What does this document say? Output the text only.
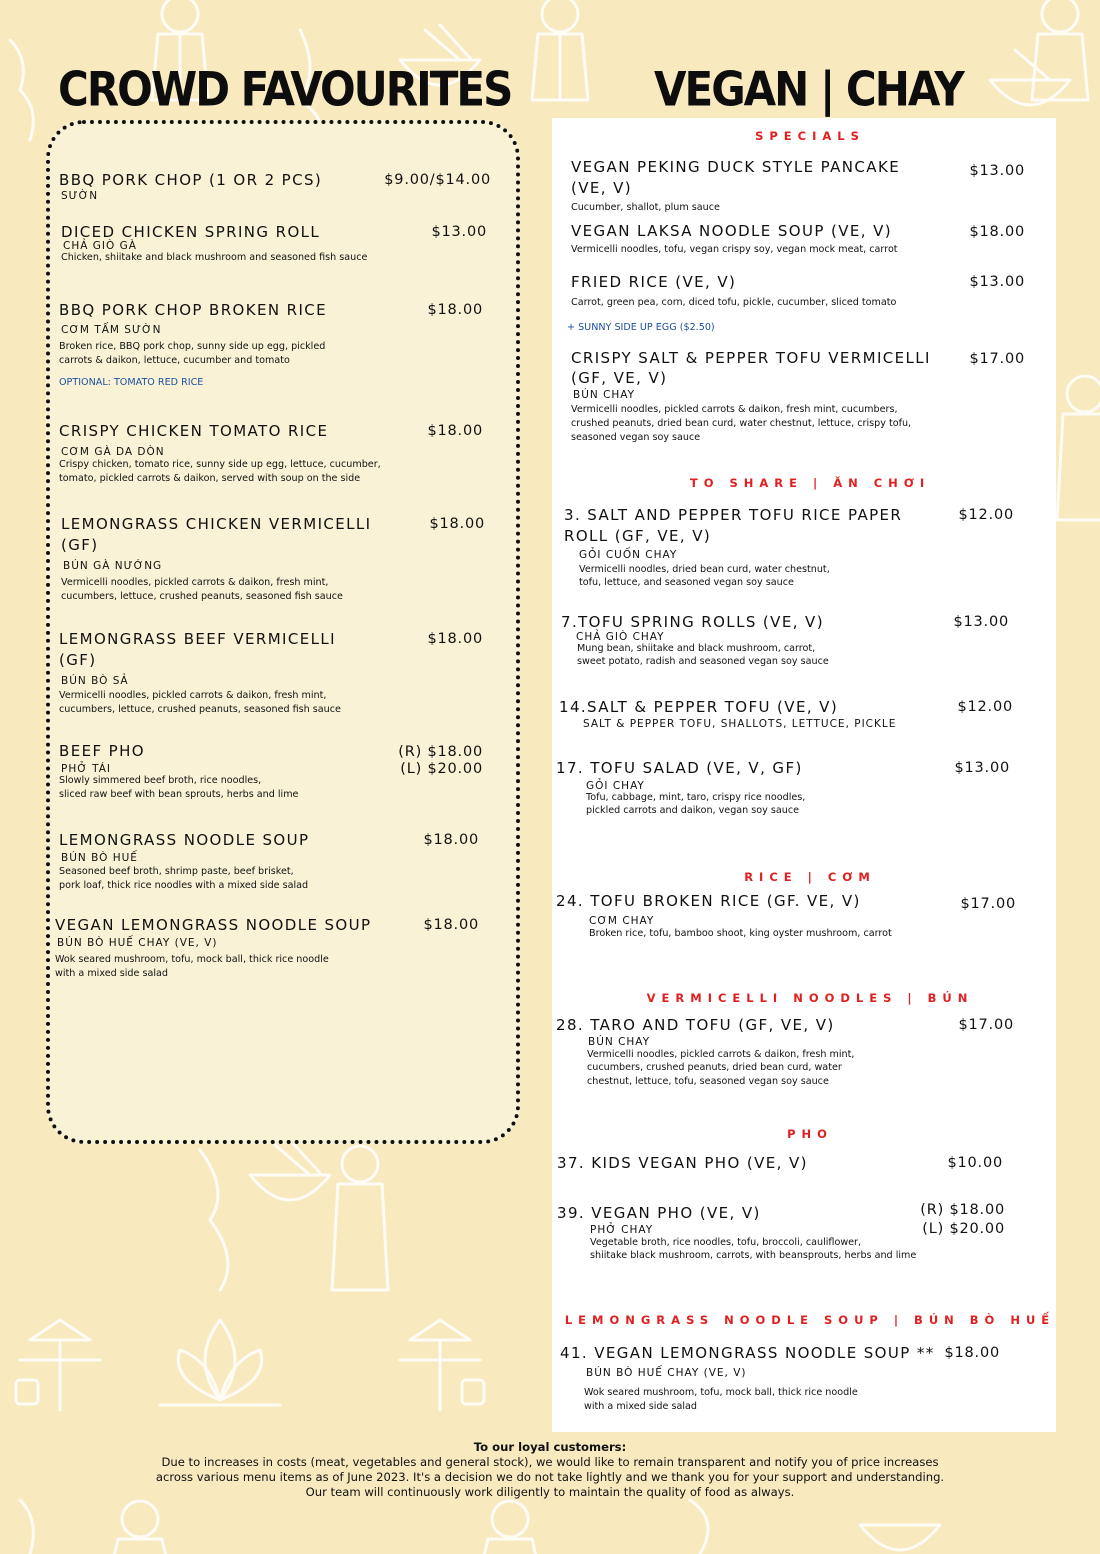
CROWD FAVOURITES	VEGAN | CHAY
BBQ PORK CHOP (1 OR 2 PCS)
SƯỜN
$9.00/$14.00
DICED CHICKEN SPRING ROLL
CHẢ GIÒ GÀ
Chicken, shiitake and black mushroom and seasoned fish sauce
$13.00
BBQ PORK CHOP BROKEN RICE
CƠM TẤM SƯỜN
Broken rice, BBQ pork chop, sunny side up egg, pickled
carrots & daikon, lettuce, cucumber and tomato
OPTIONAL: TOMATO RED RICE
$18.00
CRISPY CHICKEN TOMATO RICE
CƠM GÀ DA DÒN
Crispy chicken, tomato rice, sunny side up egg, lettuce, cucumber,
tomato, pickled carrots & daikon, served with soup on the side
$18.00
LEMONGRASS CHICKEN VERMICELLI (GF)
BÚN GÀ NƯỚNG
Vermicelli noodles, pickled carrots & daikon, fresh mint,
cucumbers, lettuce, crushed peanuts, seasoned fish sauce
$18.00
LEMONGRASS BEEF VERMICELLI (GF)
BÚN BÒ SẢ
Vermicelli noodles, pickled carrots & daikon, fresh mint,
cucumbers, lettuce, crushed peanuts, seasoned fish sauce
$18.00
BEEF PHO
PHỞ TÁI
Slowly simmered beef broth, rice noodles,
sliced raw beef with bean sprouts, herbs and lime
(R) $18.00
(L) $20.00
LEMONGRASS NOODLE SOUP
BÚN BÒ HUẾ
Seasoned beef broth, shrimp paste, beef brisket,
pork loaf, thick rice noodles with a mixed side salad
$18.00
VEGAN LEMONGRASS NOODLE SOUP
BÚN BÒ HUẾ CHAY (VE, V)
Wok seared mushroom, tofu, mock ball, thick rice noodle
with a mixed side salad
$18.00
SPECIALS
VEGAN PEKING DUCK STYLE PANCAKE (VE, V)
Cucumber, shallot, plum sauce
$13.00
VEGAN LAKSA NOODLE SOUP (VE, V)
Vermicelli noodles, tofu, vegan crispy soy, vegan mock meat, carrot
$18.00
FRIED RICE (VE, V)
Carrot, green pea, corn, diced tofu, pickle, cucumber, sliced tomato
+ SUNNY SIDE UP EGG ($2.50)
$13.00
CRISPY SALT & PEPPER TOFU VERMICELLI (GF, VE, V)
BÚN CHAY
Vermicelli noodles, pickled carrots & daikon, fresh mint, cucumbers,
crushed peanuts, dried bean curd, water chestnut, lettuce, crispy tofu,
seasoned vegan soy sauce
$17.00
TO SHARE | ĂN CHƠI
3. SALT AND PEPPER TOFU RICE PAPER ROLL (GF, VE, V)
GỎI CUỐN CHAY
Vermicelli noodles, dried bean curd, water chestnut,
tofu, lettuce, and seasoned vegan soy sauce
$12.00
7.TOFU SPRING ROLLS (VE, V)
CHẢ GIÒ CHAY
Mung bean, shiitake and black mushroom, carrot,
sweet potato, radish and seasoned vegan soy sauce
$13.00
14.SALT & PEPPER TOFU (VE, V)
SALT & PEPPER TOFU, SHALLOTS, LETTUCE, PICKLE
$12.00
17. TOFU SALAD (VE, V, GF)
GỎI CHAY
Tofu, cabbage, mint, taro, crispy rice noodles,
pickled carrots and daikon, vegan soy sauce
$13.00
RICE | CƠM
24. TOFU BROKEN RICE (GF. VE, V)
CƠM CHAY
Broken rice, tofu, bamboo shoot, king oyster mushroom, carrot
$17.00
VERMICELLI NOODLES | BÚN
28. TARO AND TOFU (GF, VE, V)
BÚN CHAY
Vermicelli noodles, pickled carrots & daikon, fresh mint,
cucumbers, crushed peanuts, dried bean curd, water
chestnut, lettuce, tofu, seasoned vegan soy sauce
$17.00
PHO
37. KIDS VEGAN PHO (VE, V)	$10.00
39. VEGAN PHO (VE, V)
PHỞ CHAY
Vegetable broth, rice noodles, tofu, broccoli, cauliflower,
shiitake black mushroom, carrots, with beansprouts, herbs and lime
(R) $18.00
(L) $20.00
LEMONGRASS NOODLE SOUP | BÚN BÒ HUẾ
41. VEGAN LEMONGRASS NOODLE SOUP **
BÚN BÒ HUẾ CHAY (VE, V)
Wok seared mushroom, tofu, mock ball, thick rice noodle
with a mixed side salad
$18.00
To our loyal customers:
Due to increases in costs (meat, vegetables and general stock), we would like to remain transparent and notify you of price increases across various menu items as of June 2023. It's a decision we do not take lightly and we thank you for your support and understanding. Our team will continuously work diligently to maintain the quality of food as always.
